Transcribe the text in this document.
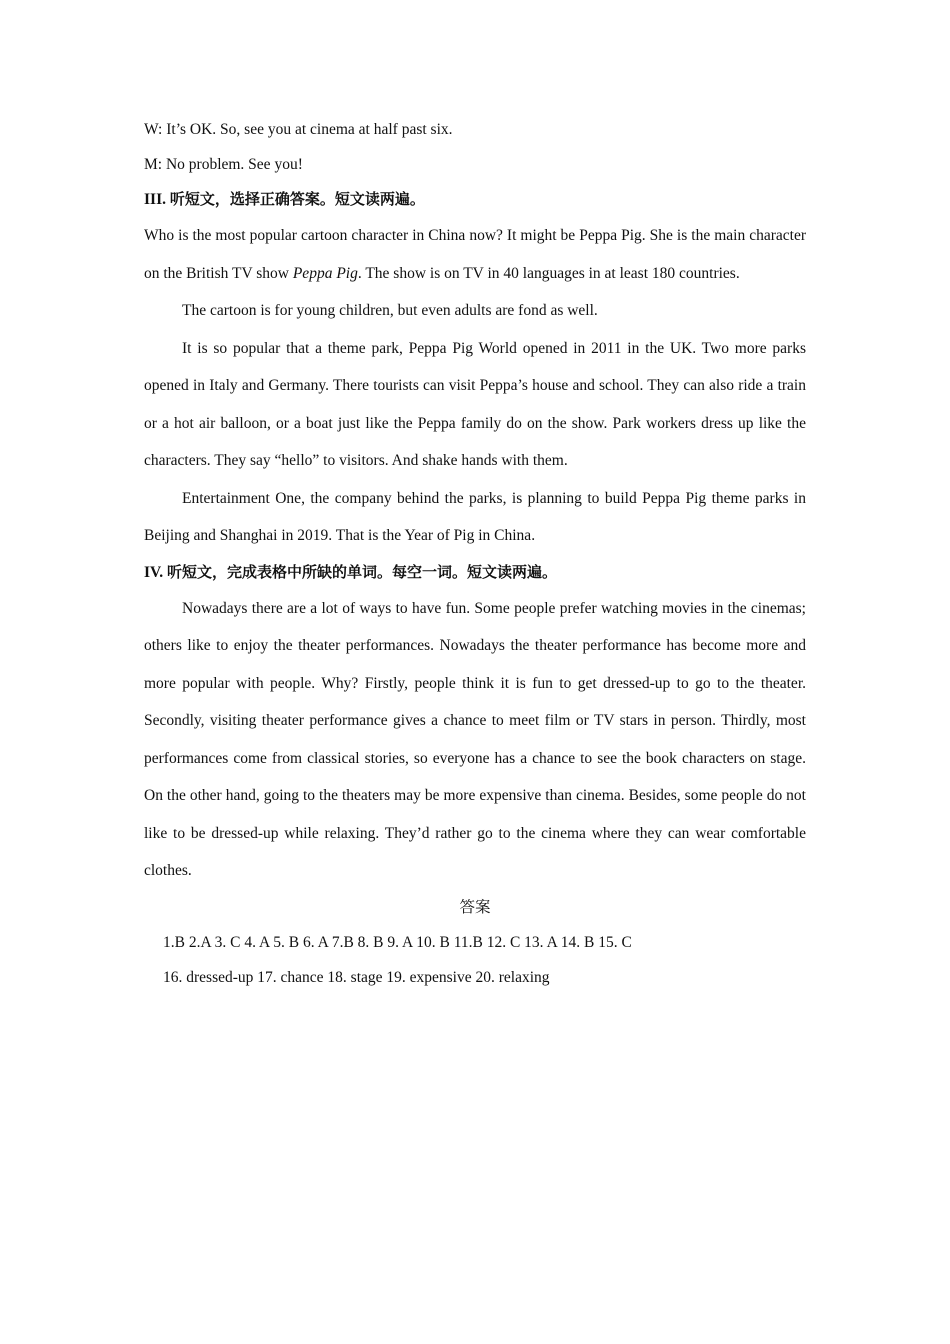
W: It’s OK. So, see you at cinema at half past six.

M: No problem. See you!

III. 听短文，选择正确答案。短文读两遍。

Who is the most popular cartoon character in China now? It might be Peppa Pig. She is the main character on the British TV show Peppa Pig. The show is on TV in 40 languages in at least 180 countries.

The cartoon is for young children, but even adults are fond as well.

It is so popular that a theme park, Peppa Pig World opened in 2011 in the UK. Two more parks opened in Italy and Germany. There tourists can visit Peppa’s house and school. They can also ride a train or a hot air balloon, or a boat just like the Peppa family do on the show. Park workers dress up like the characters. They say “hello” to visitors. And shake hands with them.

Entertainment One, the company behind the parks, is planning to build Peppa Pig theme parks in Beijing and Shanghai in 2019. That is the Year of Pig in China.

IV. 听短文，完成表格中所缺的单词。每空一词。短文读两遍。

Nowadays there are a lot of ways to have fun. Some people prefer watching movies in the cinemas; others like to enjoy the theater performances. Nowadays the theater performance has become more and more popular with people. Why? Firstly, people think it is fun to get dressed-up to go to the theater. Secondly, visiting theater performance gives a chance to meet film or TV stars in person. Thirdly, most performances come from classical stories, so everyone has a chance to see the book characters on stage. On the other hand, going to the theaters may be more expensive than cinema. Besides, some people do not like to be dressed-up while relaxing. They’d rather go to the cinema where they can wear comfortable clothes.

答案

1.B 2.A 3. C 4. A 5. B 6. A 7.B 8. B 9. A 10. B 11.B 12. C 13. A 14. B 15. C

16. dressed-up 17. chance 18. stage 19. expensive 20. relaxing
